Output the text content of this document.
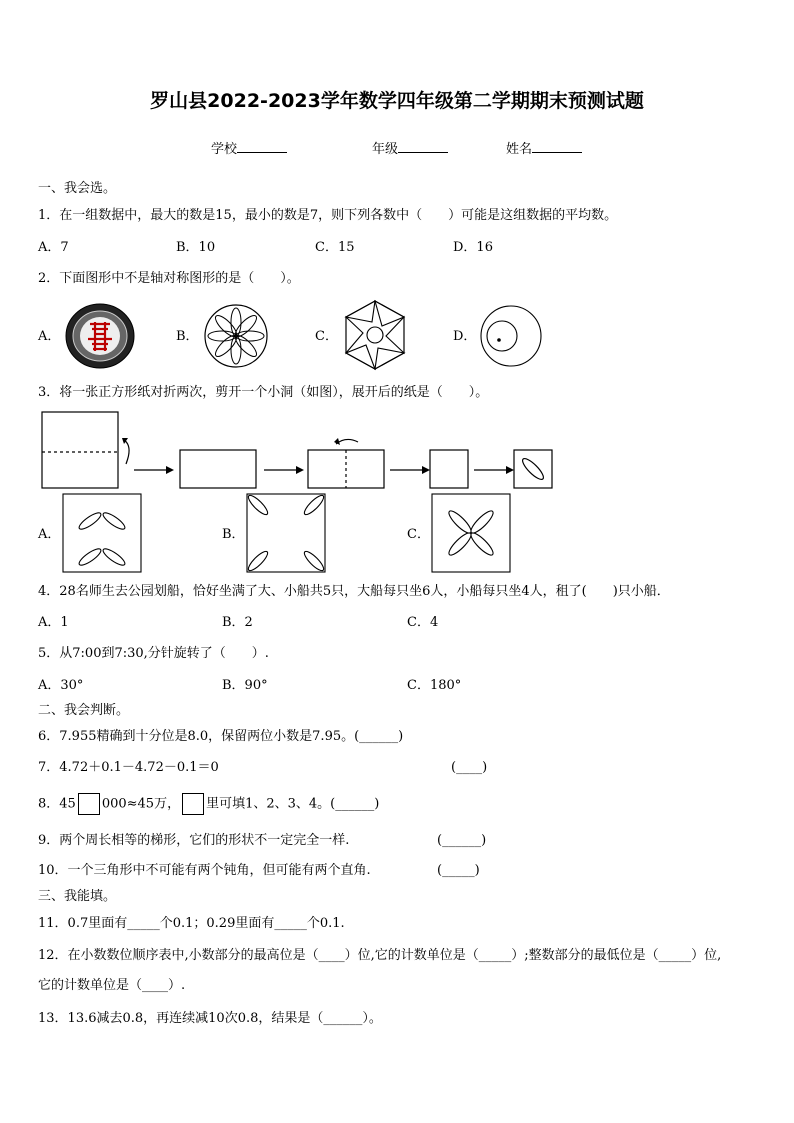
罗山县2022-2023学年数学四年级第二学期期末预测试题
学校	年级	姓名
一、我会选。
1．在一组数据中，最大的数是15，最小的数是7，则下列各数中（　　）可能是这组数据的平均数。
A．7	B．10	C．15	D．16
2．下面图形中不是轴对称图形的是（　　）。
A．	B．	C．	D．
3．将一张正方形纸对折两次，剪开一个小洞（如图），展开后的纸是（　　）。
A．	B．	C．
4．28名师生去公园划船，恰好坐满了大、小船共5只，大船每只坐6人，小船每只坐4人，租了(　　)只小船．
A．1	B．2	C．4
5．从7:00到7:30,分针旋转了（　　）.
A．30°	B．90°	C．180°
二、我会判断。
6．7.955精确到十分位是8.0，保留两位小数是7.95。(______)
7．4.72＋0.1－4.72－0.1＝0	(____)
8．45 000≈45万， 里可填1、2、3、4。(______)
9．两个周长相等的梯形，它们的形状不一定完全一样.	(______)
10．一个三角形中不可能有两个钝角，但可能有两个直角.	(_____)
三、我能填。
11．0.7里面有_____个0.1；0.29里面有_____个0.1.
12．在小数数位顺序表中,小数部分的最高位是（____）位,它的计数单位是（_____）;整数部分的最低位是（_____）位,
它的计数单位是（____）.
13．13.6减去0.8，再连续减10次0.8，结果是（______）。
